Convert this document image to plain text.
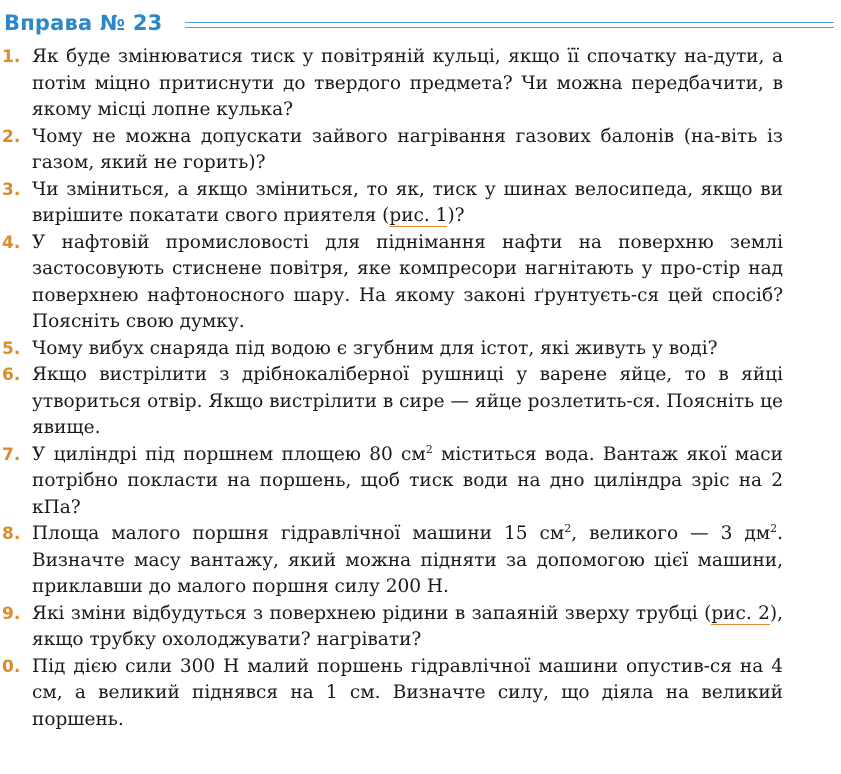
Вправа № 23
1. Як буде змінюватися тиск у повітряній кульці, якщо її спочатку на-дути, а потім міцно притиснути до твердого предмета? Чи можна передбачити, в якому місці лопне кулька?
2. Чому не можна допускати зайвого нагрівання газових балонів (на-віть із газом, який не горить)?
3. Чи зміниться, а якщо зміниться, то як, тиск у шинах велосипеда, якщо ви вирішите покатати свого приятеля (рис. 1)?
4. У нафтовій промисловості для піднімання нафти на поверхню землі застосовують стиснене повітря, яке компресори нагнітають у про-стір над поверхнею нафтоносного шару. На якому законі ґрунтуєть-ся цей спосіб? Поясніть свою думку.
5. Чому вибух снаряда під водою є згубним для істот, які живуть у воді?
6. Якщо вистрілити з дрібнокаліберної рушниці у варене яйце, то в яйці утвориться отвір. Якщо вистрілити в сире — яйце розлетить-ся. Поясніть це явище.
7. У циліндрі під поршнем площею 80 $см^2$ міститься вода. Вантаж якої маси потрібно покласти на поршень, щоб тиск води на дно циліндра зріс на 2 кПа?
8. Площа малого поршня гідравлічної машини 15 $см^2$, великого — 3 $дм^2$. Визначте масу вантажу, який можна підняти за допомогою цієї машини, приклавши до малого поршня силу 200 Н.
9. Які зміни відбудуться з поверхнею рідини в запаяній зверху трубці (рис. 2), якщо трубку охолоджувати? нагрівати?
0. Під дією сили 300 Н малий поршень гідравлічної машини опустив-ся на 4 см, а великий піднявся на 1 см. Визначте силу, що діяла на великий поршень.
